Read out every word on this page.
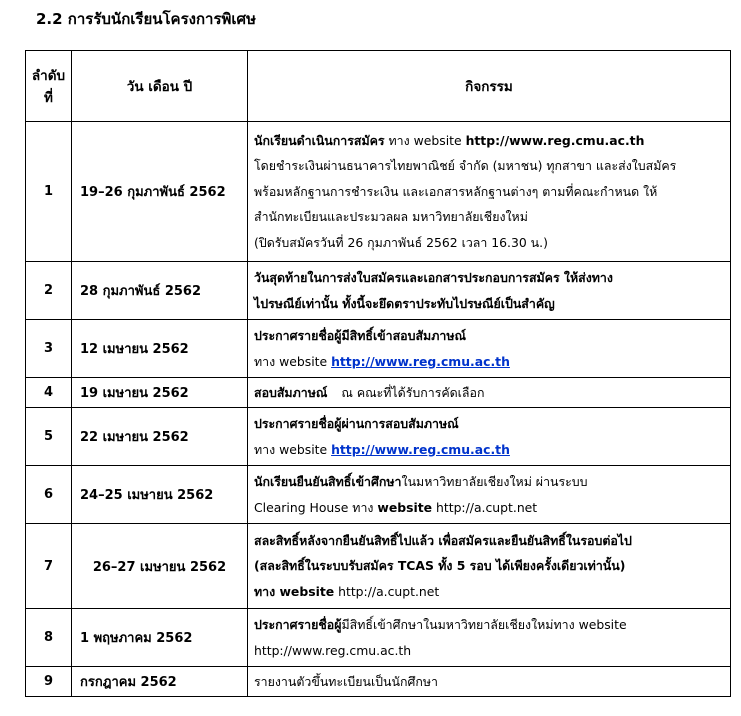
2.2 การรับนักเรียนโครงการพิเศษ
ลำดับ
ที่	วัน เดือน ปี	กิจกรรม
1	19–26 กุมภาพันธ์ 2562	นักเรียนดำเนินการสมัคร ทาง website http://www.reg.cmu.ac.th
โดยชำระเงินผ่านธนาคารไทยพาณิชย์ จำกัด (มหาชน) ทุกสาขา และส่งใบสมัคร
พร้อมหลักฐานการชำระเงิน และเอกสารหลักฐานต่างๆ ตามที่คณะกำหนด ให้
สำนักทะเบียนและประมวลผล มหาวิทยาลัยเชียงใหม่
(ปิดรับสมัครวันที่ 26 กุมภาพันธ์ 2562 เวลา 16.30 น.)

2	28 กุมภาพันธ์ 2562	วันสุดท้ายในการส่งใบสมัครและเอกสารประกอบการสมัคร ให้ส่งทาง
ไปรษณีย์เท่านั้น ทั้งนี้จะยึดตราประทับไปรษณีย์เป็นสำคัญ

3	12 เมษายน 2562	ประกาศรายชื่อผู้มีสิทธิ์เข้าสอบสัมภาษณ์
ทาง website http://www.reg.cmu.ac.th

4	19 เมษายน 2562	สอบสัมภาษณ์ ณ คณะที่ได้รับการคัดเลือก
5	22 เมษายน 2562	ประกาศรายชื่อผู้ผ่านการสอบสัมภาษณ์
ทาง website http://www.reg.cmu.ac.th

6	24–25 เมษายน 2562	นักเรียนยืนยันสิทธิ์เข้าศึกษาในมหาวิทยาลัยเชียงใหม่ ผ่านระบบ
Clearing House ทาง website http://a.cupt.net

7	26–27 เมษายน 2562	สละสิทธิ์หลังจากยืนยันสิทธิ์ไปแล้ว เพื่อสมัครและยืนยันสิทธิ์ในรอบต่อไป
(สละสิทธิ์ในระบบรับสมัคร TCAS ทั้ง 5 รอบ ได้เพียงครั้งเดียวเท่านั้น)
ทาง website http://a.cupt.net

8	1 พฤษภาคม 2562	ประกาศรายชื่อผู้มีสิทธิ์เข้าศึกษาในมหาวิทยาลัยเชียงใหม่ทาง website
http://www.reg.cmu.ac.th

9	กรกฎาคม 2562	รายงานตัวขึ้นทะเบียนเป็นนักศึกษา
